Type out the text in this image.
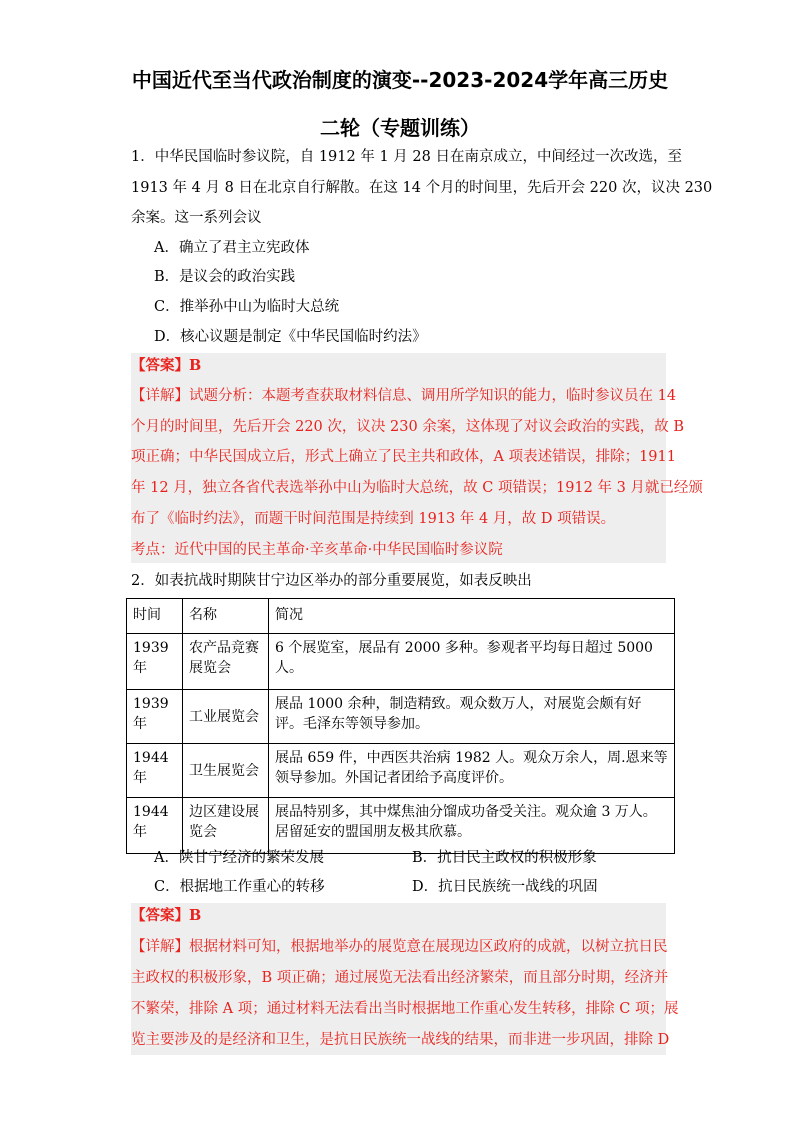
中国近代至当代政治制度的演变--2023-2024学年高三历史
二轮（专题训练）
1．中华民国临时参议院，自 1912 年 1 月 28 日在南京成立，中间经过一次改选，至
1913 年 4 月 8 日在北京自行解散。在这 14 个月的时间里，先后开会 220 次，议决 230
余案。这一系列会议
A．确立了君主立宪政体
B．是议会的政治实践
C．推举孙中山为临时大总统
D．核心议题是制定《中华民国临时约法》
【答案】B
【详解】试题分析：本题考查获取材料信息、调用所学知识的能力，临时参议员在 14
个月的时间里，先后开会 220 次，议决 230 余案，这体现了对议会政治的实践，故 B
项正确；中华民国成立后，形式上确立了民主共和政体，A 项表述错误，排除；1911
年 12 月，独立各省代表选举孙中山为临时大总统，故 C 项错误；1912 年 3 月就已经颁
布了《临时约法》，而题干时间范围是持续到 1913 年 4 月，故 D 项错误。
考点：近代中国的民主革命·辛亥革命·中华民国临时参议院
2．如表抗战时期陕甘宁边区举办的部分重要展览，如表反映出
时间	名称	简况
1939 年	农产品竞赛展览会	6 个展览室，展品有 2000 多种。参观者平均每日超过 5000 人。
1939 年	工业展览会	展品 1000 余种，制造精致。观众数万人，对展览会颇有好评。毛泽东等领导参加。
1944 年	卫生展览会	展品 659 件，中西医共治病 1982 人。观众万余人，周.恩来等领导参加。外国记者团给予高度评价。
1944 年	边区建设展览会	展品特别多，其中煤焦油分馏成功备受关注。观众逾 3 万人。居留延安的盟国朋友极其欣慕。
A．陕甘宁经济的繁荣发展	B．抗日民主政权的积极形象
C．根据地工作重心的转移	D．抗日民族统一战线的巩固
【答案】B
【详解】根据材料可知，根据地举办的展览意在展现边区政府的成就，以树立抗日民
主政权的积极形象，B 项正确；通过展览无法看出经济繁荣，而且部分时期，经济并
不繁荣，排除 A 项；通过材料无法看出当时根据地工作重心发生转移，排除 C 项；展
览主要涉及的是经济和卫生，是抗日民族统一战线的结果，而非进一步巩固，排除 D
